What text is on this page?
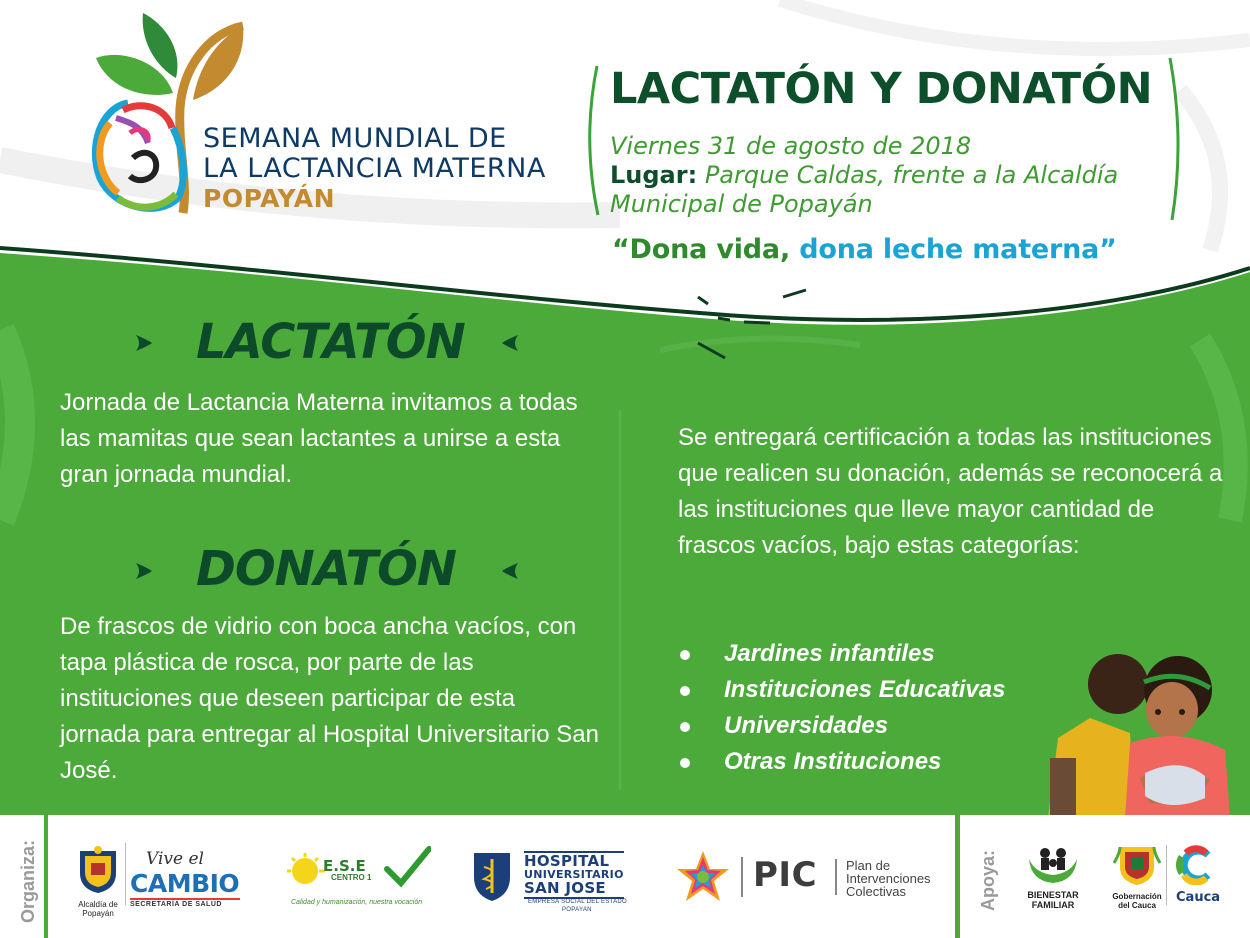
SEMANA MUNDIAL DE
LA LACTANCIA MATERNA
POPAYÁN
LACTATÓN Y DONATÓN
Viernes 31 de agosto de 2018
Lugar: Parque Caldas, frente a la Alcaldía Municipal de Popayán
“Dona vida, dona leche materna”
LACTATÓN
Jornada de Lactancia Materna invitamos a todas las mamitas que sean lactantes a unirse a esta gran jornada mundial.
DONATÓN
De frascos de vidrio con boca ancha vacíos, con tapa plástica de rosca, por parte de las instituciones que deseen participar de esta jornada para entregar al Hospital Universitario San José.
Se entregará certificación a todas las instituciones que realicen su donación, además se reconocerá a las instituciones que lleve mayor cantidad de frascos vacíos, bajo estas categorías:
Jardines infantiles
Instituciones Educativas
Universidades
Otras Instituciones
Organiza:	Alcaldía de Popayán
Vive el
CAMBIO
SECRETARÍA DE SALUD
E.S.E
CENTRO 1
Calidad y humanización, nuestra vocación
HOSPITAL
UNIVERSITARIO
SAN JOSE
EMPRESA SOCIAL DEL ESTADO
POPAYAN
PIC Plan de
Intervenciones
Colectivas	Apoya:	BIENESTAR
FAMILIAR
Gobernación del Cauca
Cauca
